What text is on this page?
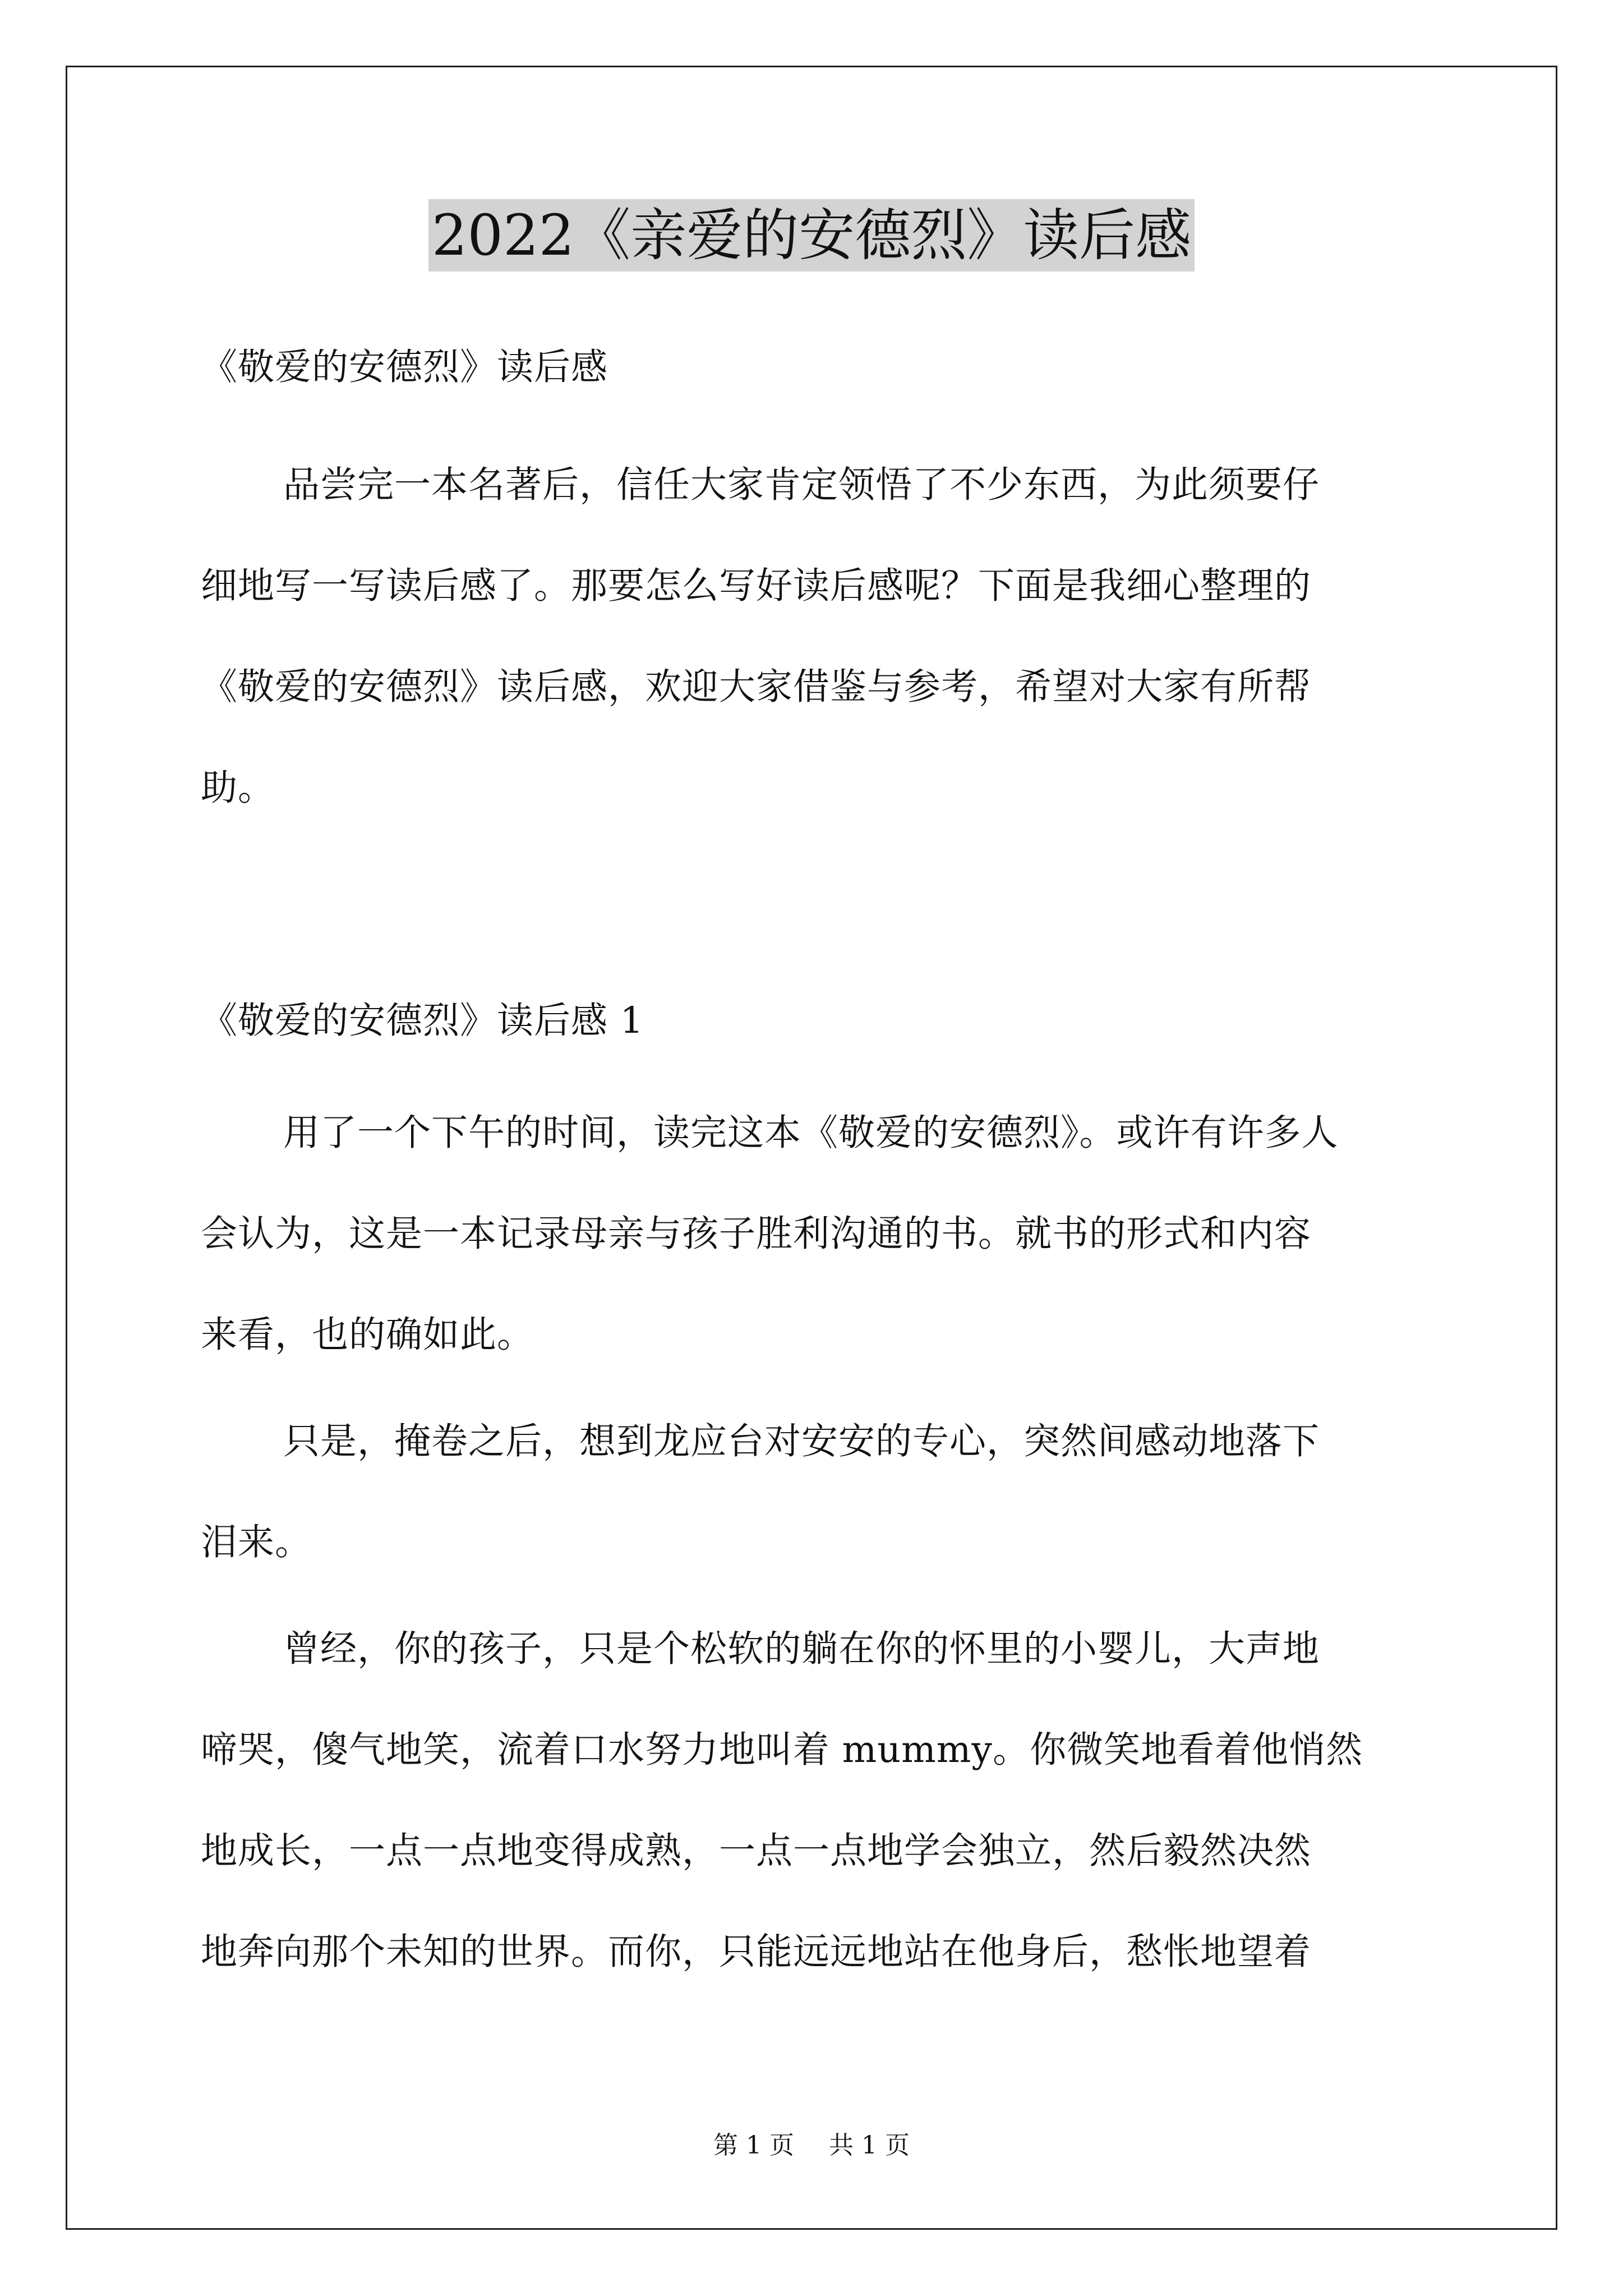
2022《亲爱的安德烈》读后感
《敬爱的安德烈》读后感
品尝完一本名著后，信任大家肯定领悟了不少东西，为此须要仔
细地写一写读后感了。那要怎么写好读后感呢？下面是我细心整理的
《敬爱的安德烈》读后感，欢迎大家借鉴与参考，希望对大家有所帮
助。
《敬爱的安德烈》读后感 1
用了一个下午的时间，读完这本《敬爱的安德烈》。或许有许多人
会认为，这是一本记录母亲与孩子胜利沟通的书。就书的形式和内容
来看，也的确如此。
只是，掩卷之后，想到龙应台对安安的专心，突然间感动地落下
泪来。
曾经，你的孩子，只是个松软的躺在你的怀里的小婴儿，大声地
啼哭，傻气地笑，流着口水努力地叫着 mummy。你微笑地看着他悄然
地成长，一点一点地变得成熟，一点一点地学会独立，然后毅然决然
地奔向那个未知的世界。而你，只能远远地站在他身后，愁怅地望着
第 1 页 共 1 页
